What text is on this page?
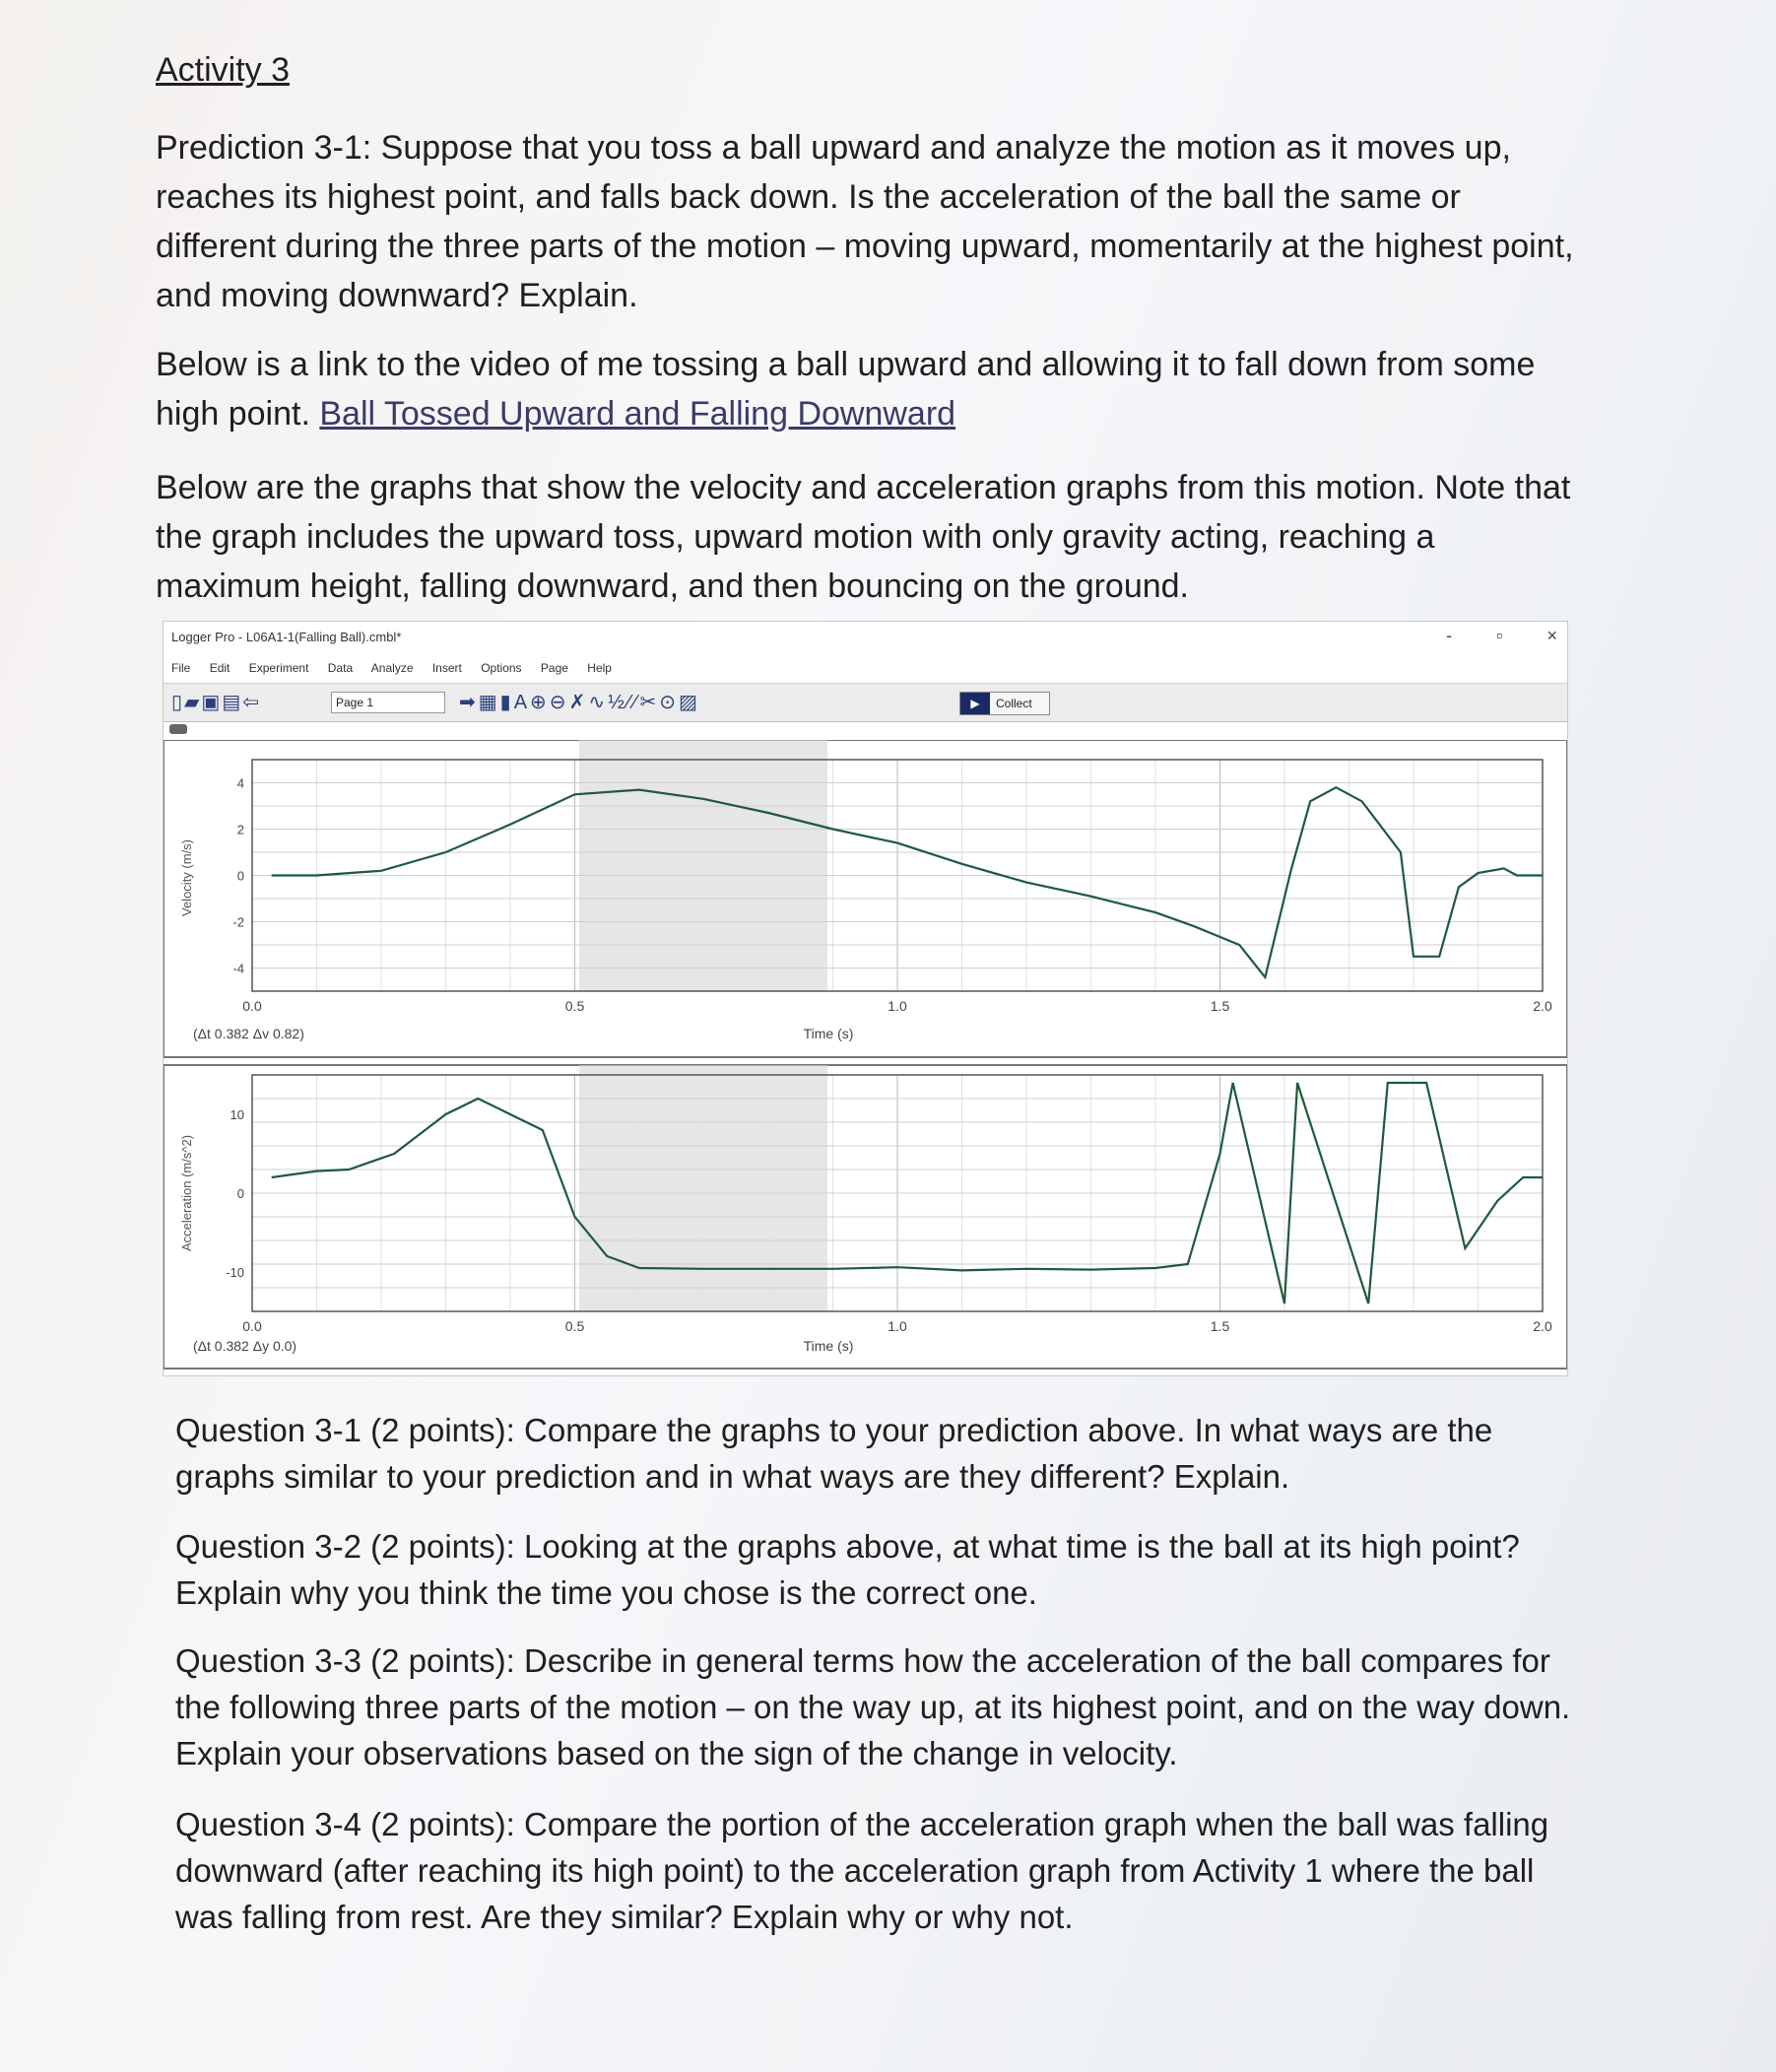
Activity 3
Prediction 3-1: Suppose that you toss a ball upward and analyze the motion as it moves up, reaches its highest point, and falls back down. Is the acceleration of the ball the same or different during the three parts of the motion – moving upward, momentarily at the highest point, and moving downward? Explain.
Below is a link to the video of me tossing a ball upward and allowing it to fall down from some high point. Ball Tossed Upward and Falling Downward
Below are the graphs that show the velocity and acceleration graphs from this motion. Note that the graph includes the upward toss, upward motion with only gravity acting, reaching a maximum height, falling downward, and then bouncing on the ground.
Logger Pro - L06A1-1(Falling Ball).cmbl*	-	▫	×
File Edit Experiment Data Analyze Insert Options Page Help
▯▰▣▤⇦	Page 1	➡▦▮A⊕⊖✗∿½⁄∕✂⊙▨	▶ Collect
Velocity (m/s)
4
2
0
-2
-4
0.0	0.5	1.0	1.5	2.0
Time (s)
(Δt 0.382 Δv 0.82)
Acceleration (m/s^2)
10
0
-10
0.0	0.5	1.0	1.5	2.0
Time (s)
(Δt 0.382 Δy 0.0)
Question 3-1 (2 points): Compare the graphs to your prediction above. In what ways are the graphs similar to your prediction and in what ways are they different? Explain.
Question 3-2 (2 points): Looking at the graphs above, at what time is the ball at its high point? Explain why you think the time you chose is the correct one.
Question 3-3 (2 points): Describe in general terms how the acceleration of the ball compares for the following three parts of the motion – on the way up, at its highest point, and on the way down. Explain your observations based on the sign of the change in velocity.
Question 3-4 (2 points): Compare the portion of the acceleration graph when the ball was falling downward (after reaching its high point) to the acceleration graph from Activity 1 where the ball was falling from rest. Are they similar? Explain why or why not.
